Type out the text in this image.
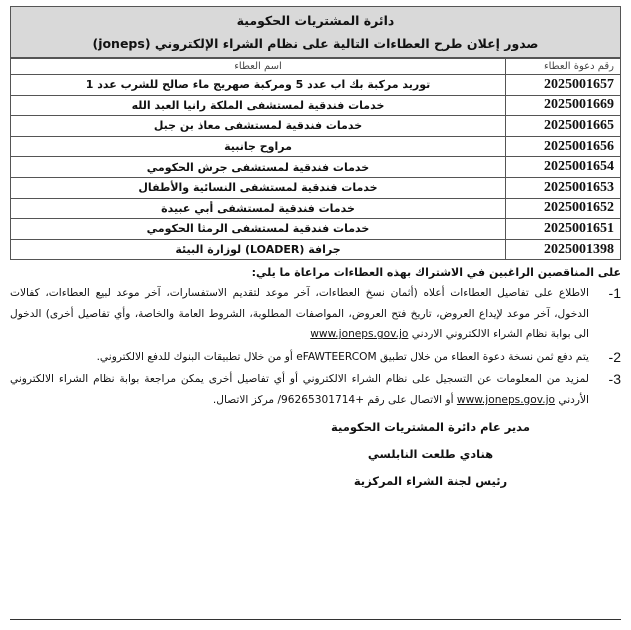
دائرة المشتريات الحكومية
صدور إعلان طرح العطاءات التالية على نظام الشراء الإلكتروني (joneps)
رقم دعوة العطاء	اسم العطاء
2025001657	توريد مركبة بك اب عدد 5 ومركبة صهريج ماء صالح للشرب عدد 1
2025001669	خدمات فندقية لمستشفى الملكة رانيا العبد الله
2025001665	خدمات فندقية لمستشفى معاذ بن جبل
2025001656	مراوح جانبية
2025001654	خدمات فندقية لمستشفى جرش الحكومي
2025001653	خدمات فندقية لمستشفى النسائية والأطفال
2025001652	خدمات فندقية لمستشفى أبي عبيدة
2025001651	خدمات فندقية لمستشفى الرمثا الحكومي
2025001398	جرافة (LOADER) لوزارة البيئة
على المناقصين الراغبين في الاشتراك بهذه العطاءات مراعاة ما يلي:
1-
الاطلاع على تفاصيل العطاءات أعلاه (أثمان نسخ العطاءات، آخر موعد لتقديم الاستفسارات، آخر موعد لبيع العطاءات، كفالات الدخول، آخر موعد لإيداع العروض، تاريخ فتح العروض، المواصفات المطلوبة، الشروط العامة والخاصة، وأي تفاصيل أخرى) الدخول الى بوابة نظام الشراء الالكتروني الاردني www.joneps.gov.jo
2-
يتم دفع ثمن نسخة دعوة العطاء من خلال تطبيق eFAWTEERCOM أو من خلال تطبيقات البنوك للدفع الالكتروني.
3-
لمزيد من المعلومات عن التسجيل على نظام الشراء الالكتروني أو أي تفاصيل أخرى يمكن مراجعة بوابة نظام الشراء الالكتروني الأردني www.joneps.gov.jo أو الاتصال على رقم +96265301714/ مركز الاتصال.
مدير عام دائرة المشتريات الحكومية
هنادي طلعت النابلسي
رئيس لجنة الشراء المركزية
